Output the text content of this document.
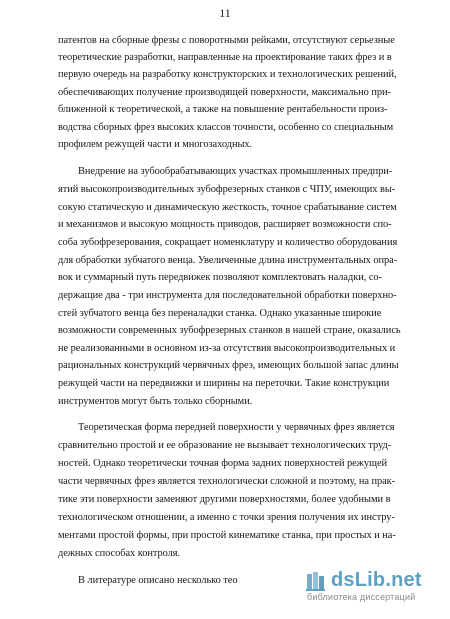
11
патентов на сборные фрезы с поворотными рейками, отсутствуют серьезные
теоретические разработки, направленные на проектирование таких фрез и в
первую очередь на разработку конструкторских и технологических решений,
обеспечивающих получение производящей поверхности, максимально при-
ближенной к теоретической, а также на повышение рентабельности произ-
водства сборных фрез высоких классов точности, особенно со специальным
профилем режущей части и многозаходных.
Внедрение на зубообрабатывающих участках промышленных предпри-
ятий высокопроизводительных зубофрезерных станков с ЧПУ, имеющих вы-
сокую статическую и динамическую жесткость, точное срабатывание систем
и механизмов и высокую мощность приводов, расширяет возможности спо-
соба зубофрезерования, сокращает номенклатуру и количество оборудования
для обработки зубчатого венца. Увеличенные длина инструментальных опра-
вок и суммарный путь передвижек позволяют комплектовать наладки, со-
держащие два - три инструмента для последовательной обработки поверхно-
стей зубчатого венца без переналадки станка. Однако указанные широкие
возможности современных зубофрезерных станков в нашей стране, оказались
не реализованными в основном из-за отсутствия высокопроизводительных и
рациональных конструкций червячных фрез, имеющих большой запас длины
режущей части на передвижки и ширины на переточки. Такие конструкции
инструментов могут быть только сборными.
Теоретическая форма передней поверхности у червячных фрез является
сравнительно простой и ее образование не вызывает технологических труд-
ностей. Однако теоретически точная форма задних поверхностей режущей
части червячных фрез является технологически сложной и поэтому, на прак-
тике эти поверхности заменяют другими поверхностями, более удобными в
технологическом отношении, а именно с точки зрения получения их инстру-
ментами простой формы, при простой кинематике станка, при простых и на-
дежных способах контроля.
В литературе описано несколько тео	dsLib.net
библиотека диссертаций
